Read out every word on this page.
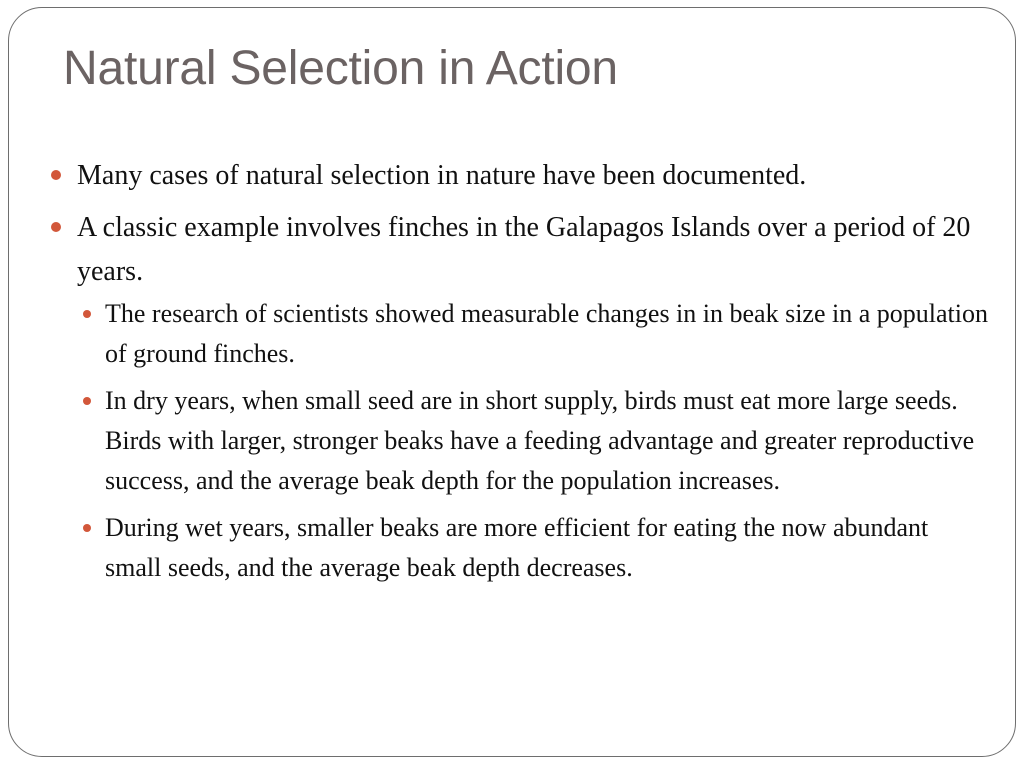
Natural Selection in Action
Many cases of natural selection in nature have been documented.
A classic example involves finches in the Galapagos Islands over a period of 20 years.
The research of scientists showed measurable changes in in beak size in a population of ground finches.
In dry years, when small seed are in short supply, birds must eat more large seeds. Birds with larger, stronger beaks have a feeding advantage and greater reproductive success, and the average beak depth for the population increases.
During wet years, smaller beaks are more efficient for eating the now abundant small seeds, and the average beak depth decreases.
